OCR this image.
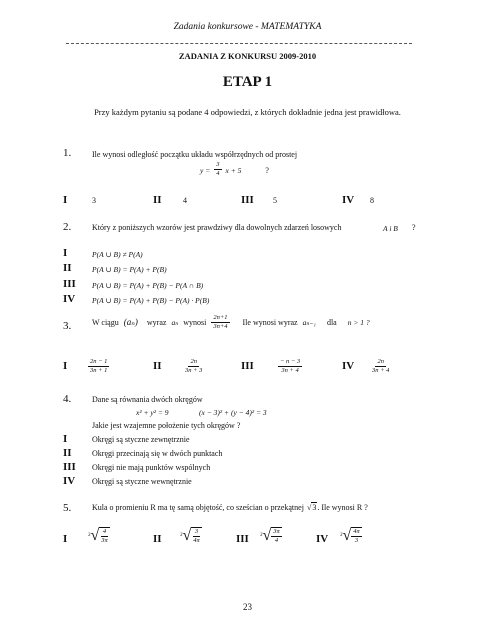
Zadania konkursowe - MATEMATYKA
ZADANIA Z KONKURSU 2009-2010
ETAP 1
Przy każdym pytaniu są podane 4 odpowiedzi, z których dokładnie jedna jest prawidłowa.
1.	Ile wynosi odległość początku układu współrzędnych od prostej
$y = \frac{3}{4}$ x + 5	?
I	3	II	4	III 5	IV 8
2.	Który z poniższych wzorów jest prawdziwy dla dowolnych zdarzeń losowych	A i B ?
I	P(A ∪ B) ≠ P(A)
II	P(A ∪ B) = P(A) + P(B)
III P(A ∪ B) = P(A) + P(B) − P(A ∩ B)
IV P(A ∪ B) = P(A) + P(B) − P(A) · P(B)
3.	W ciągu (aₙ) wyraz aₙ wynosi $\frac{2n+1}{3n+4}$ Ile wynosi wyraz aₙ₋₁ dla n > 1 ?
I	$\frac{2n - 1}{3n + 1}$	II	$\frac{2n}{3n + 3}$	III	$\frac{- n - 3}{3n + 4}$	IV $\frac{2n}{3n + 4}$
4.	Dane są równania dwóch okręgów
x² + y² = 9	(x − 3)² + (y − 4)² = 3
Jakie jest wzajemne położenie tych okręgów ?
I	Okręgi są styczne zewnętrznie
II	Okręgi przecinają się w dwóch punktach
III Okręgi nie mają punktów wspólnych
IV Okręgi są styczne wewnętrznie
5.	Kula o promieniu R ma tę samą objętość, co sześcian o przekątnej √ 3 . Ile wynosi R ?
I	3 √ $\frac{4}{3\pi}$	II	3 √ $\frac{3}{4\pi}$	III 3 √ $\frac{3\pi}{4}$	IV 3 √ $\frac{4\pi}{3}$
23
